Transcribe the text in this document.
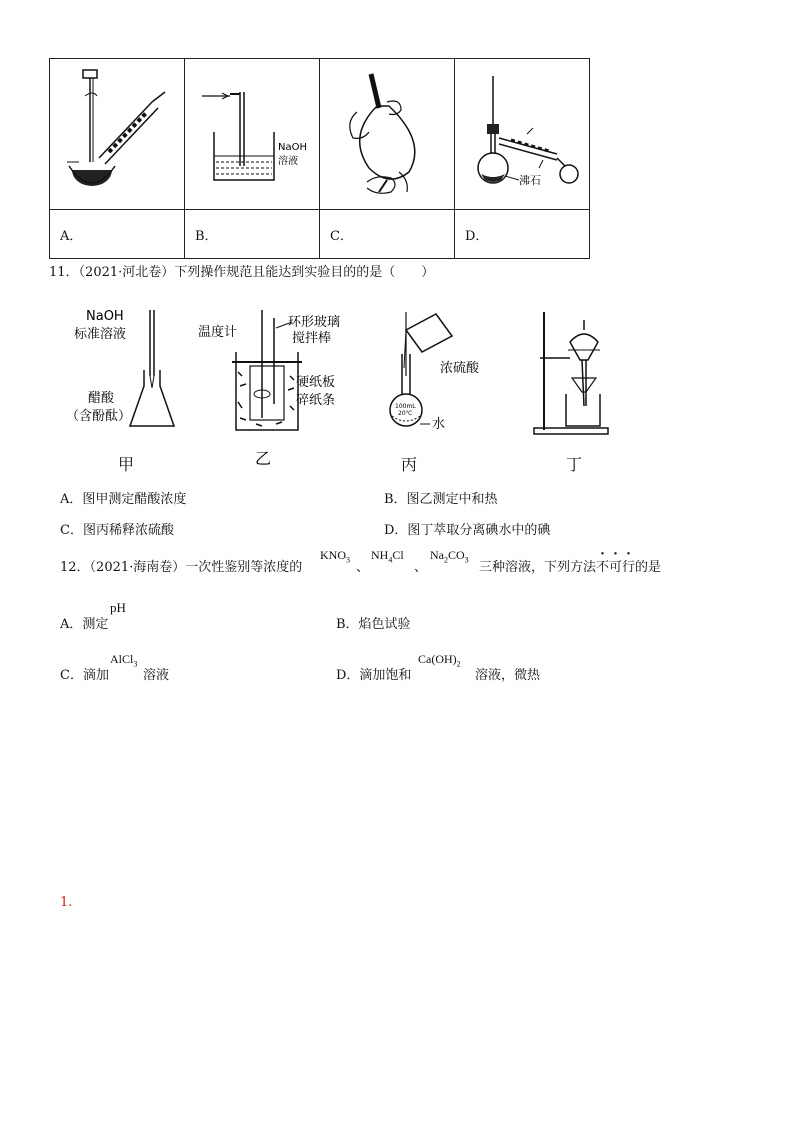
NaOH
溶液		沸石

A．	B．	C．	D．
11．（2021·河北卷）下列操作规范且能达到实验目的的是（　　）
NaOH
标准溶液
醋酸
（含酚酞）
温度计
环形玻璃
搅拌棒
硬纸板
碎纸条
乙
浓硫酸
100mL
20℃
水
甲	丙	丁
A．图甲测定醋酸浓度	B．图乙测定中和热
C．图丙稀释浓硫酸	D．图丁萃取分离碘水中的碘
12．（2021·海南卷）一次性鉴别等浓度的
$KNO_3$
、
$NH_4Cl$
、
$Na_2CO_3$
三种溶液，下列方法不可行
· · ·
的是
A．测定
pH
B．焰色试验
C．滴加
AlCl$_3$
溶液	D．滴加饱和
$Ca(OH)_2$
溶液，微热
1.
